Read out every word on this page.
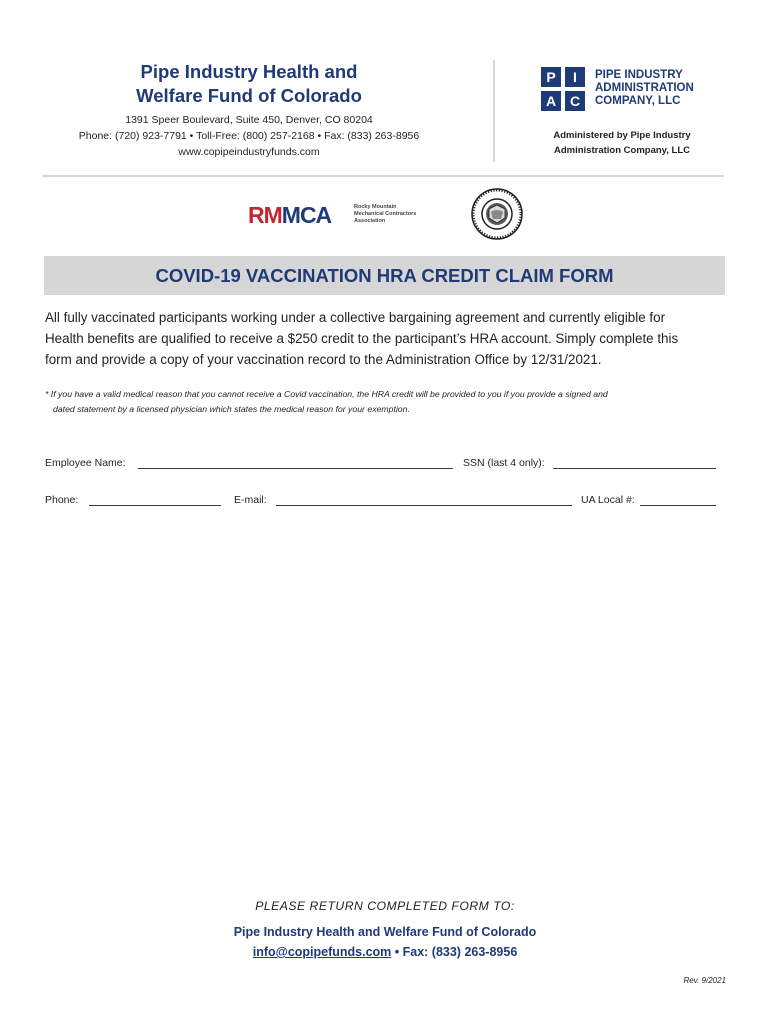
Pipe Industry Health and
Welfare Fund of Colorado
1391 Speer Boulevard, Suite 450, Denver, CO 80204
Phone: (720) 923-7791 • Toll-Free: (800) 257-2168 • Fax: (833) 263-8956
www.copipeindustryfunds.com
P I
A C
PIPE INDUSTRY
ADMINISTRATION
COMPANY, LLC
Administered by Pipe Industry
Administration Company, LLC
RMMCA	Rocky Mountain
Mechanical Contractors
Association
COVID-19 VACCINATION HRA CREDIT CLAIM FORM
All fully vaccinated participants working under a collective bargaining agreement and currently eligible for
Health benefits are qualified to receive a $250 credit to the participant’s HRA account. Simply complete this
form and provide a copy of your vaccination record to the Administration Office by 12/31/2021.
* If you have a valid medical reason that you cannot receive a Covid vaccination, the HRA credit will be provided to you if you provide a signed and
dated statement by a licensed physician which states the medical reason for your exemption.
Employee Name:	SSN (last 4 only):
Phone:	E-mail:	UA Local #:
PLEASE RETURN COMPLETED FORM TO:
Pipe Industry Health and Welfare Fund of Colorado
info@copipefunds.com • Fax: (833) 263-8956
Rev. 9/2021
